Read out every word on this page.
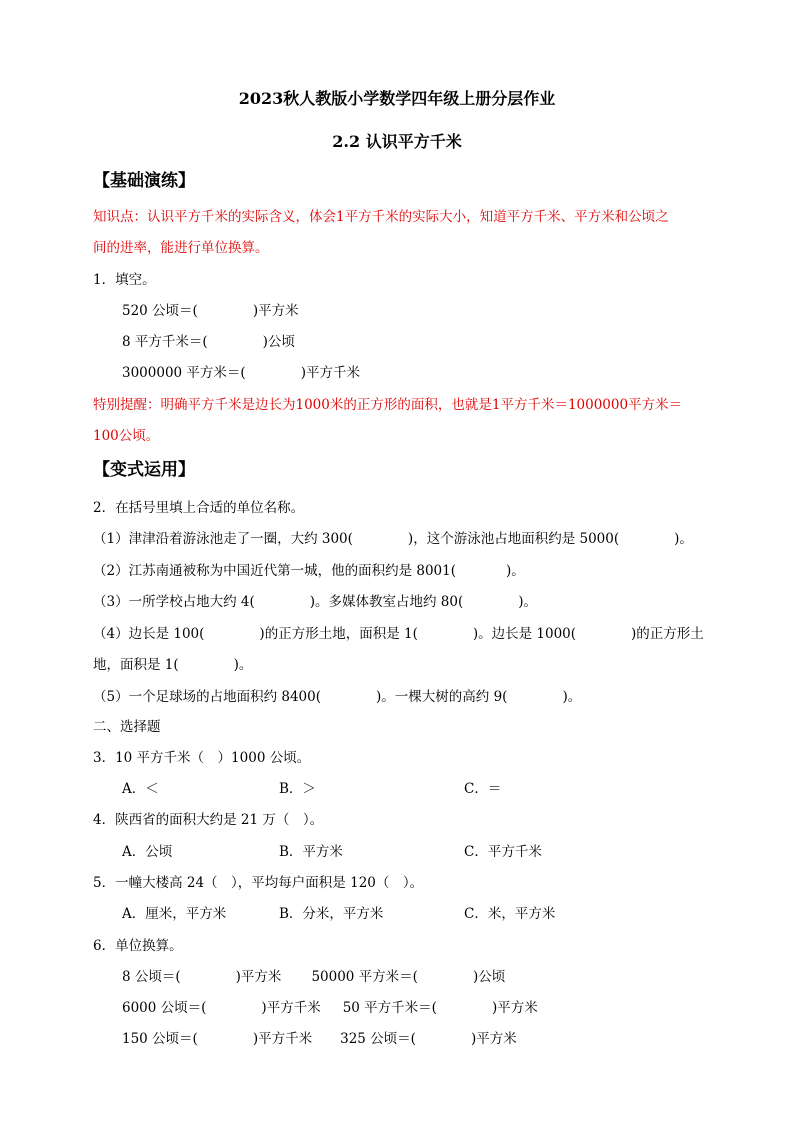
2023秋人教版小学数学四年级上册分层作业
2.2 认识平方千米
【基础演练】
知识点：认识平方千米的实际含义，体会1平方千米的实际大小，知道平方千米、平方米和公顷之
间的进率，能进行单位换算。
1．填空。
520 公顷＝(	)平方米
8 平方千米＝(	)公顷
3000000 平方米＝(	)平方千米
特别提醒：明确平方千米是边长为1000米的正方形的面积，也就是1平方千米＝1000000平方米＝
100公顷。
【变式运用】
2．在括号里填上合适的单位名称。
（1）津津沿着游泳池走了一圈，大约 300(	)，这个游泳池占地面积约是 5000(	)。
（2）江苏南通被称为中国近代第一城，他的面积约是 8001(	)。
（3）一所学校占地大约 4(	)。多媒体教室占地约 80(	)。
（4）边长是 100(	)的正方形土地，面积是 1(	)。边长是 1000(	)的正方形土
地，面积是 1(	)。
（5）一个足球场的占地面积约 8400(	)。一棵大树的高约 9(	)。
二、选择题
3．10 平方千米（　）1000 公顷。
A．＜	B．＞	C．＝
4．陕西省的面积大约是 21 万（　）。
A．公顷	B．平方米	C．平方千米
5．一幢大楼高 24（　），平均每户面积是 120（　）。
A．厘米，平方米	B．分米，平方米	C．米，平方米
6．单位换算。
8 公顷＝(	)平方米 50000 平方米＝(	)公顷
6000 公顷＝(	)平方千米 50 平方千米＝(	)平方米
150 公顷＝(	)平方千米 325 公顷＝(	)平方米
